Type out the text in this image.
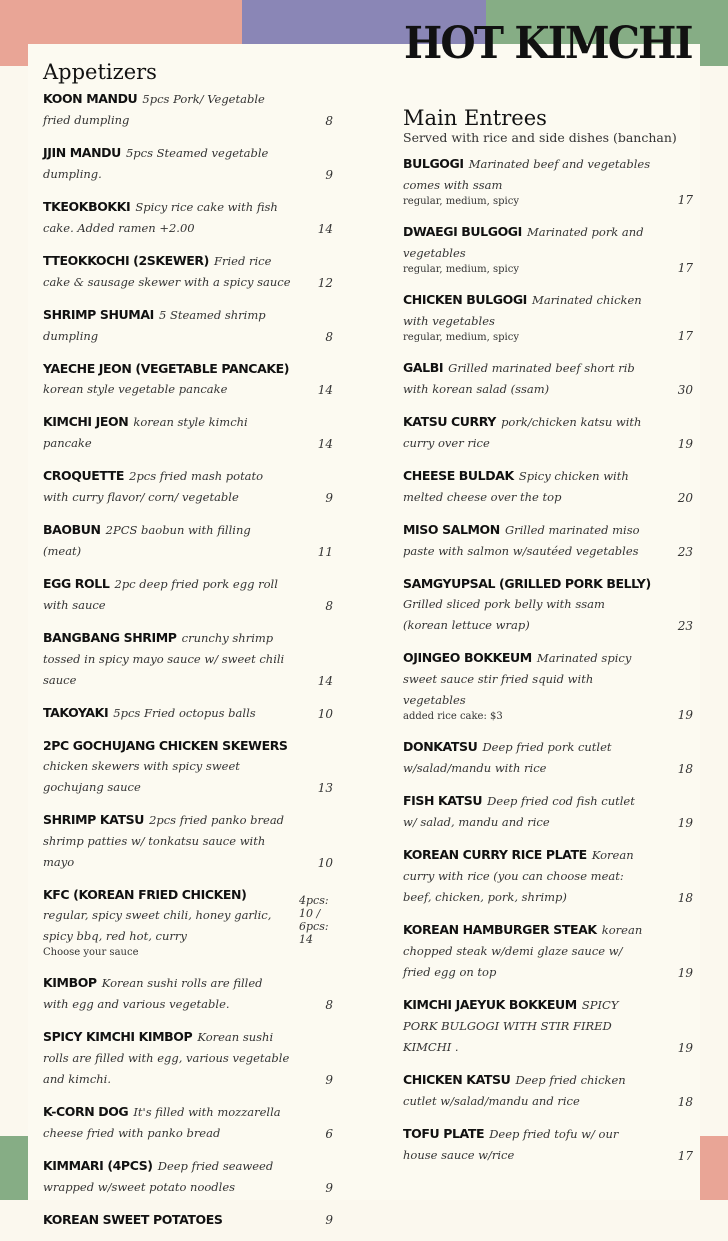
HOT KIMCHI
Appetizers
KOON MANDU 5pcs Pork/ Vegetable fried dumpling	8
JJIN MANDU 5pcs Steamed vegetable dumpling.	9
TKEOKBOKKI Spicy rice cake with fish cake. Added ramen +2.00	14
TTEOKKOCHI (2SKEWER) Fried rice cake & sausage skewer with a spicy sauce 12
SHRIMP SHUMAI 5 Steamed shrimp dumpling	8
YAECHE JEON (VEGETABLE PANCAKE) korean style vegetable pancake	14
KIMCHI JEON korean style kimchi pancake	14
CROQUETTE 2pcs fried mash potato with curry flavor/ corn/ vegetable	9
BAOBUN 2PCS baobun with filling (meat)	11
EGG ROLL 2pc deep fried pork egg roll with sauce	8
BANGBANG SHRIMP crunchy shrimp tossed in spicy mayo sauce w/ sweet chili sauce	14
TAKOYAKI 5pcs Fried octopus balls	10
2PC GOCHUJANG CHICKEN SKEWERS chicken skewers with spicy sweet gochujang sauce	13
SHRIMP KATSU 2pcs fried panko bread shrimp patties w/ tonkatsu sauce with mayo	10
KFC (KOREAN FRIED CHICKEN) regular, spicy sweet chili, honey garlic, spicy bbq, red hot, curry
Choose your sauce
4pcs: 10 / 6pcs: 14
KIMBOP Korean sushi rolls are filled with egg and various vegetable.	8
SPICY KIMCHI KIMBOP Korean sushi rolls are filled with egg, various vegetable and kimchi.	9
K-CORN DOG It's filled with mozzarella cheese fried with panko bread	6
KIMMARI (4PCS) Deep fried seaweed wrapped w/sweet potato noodles	9
KOREAN SWEET POTATOES	9
Main Entrees
Served with rice and side dishes (banchan)
BULGOGI Marinated beef and vegetables comes with ssam
regular, medium, spicy	17
DWAEGI BULGOGI Marinated pork and vegetables
regular, medium, spicy	17
CHICKEN BULGOGI Marinated chicken with vegetables
regular, medium, spicy	17
GALBI Grilled marinated beef short rib with korean salad (ssam)	30
KATSU CURRY pork/chicken katsu with curry over rice	19
CHEESE BULDAK Spicy chicken with melted cheese over the top	20
MISO SALMON Grilled marinated miso paste with salmon w/sautéed vegetables	23
SAMGYUPSAL (GRILLED PORK BELLY) Grilled sliced pork belly with ssam (korean lettuce wrap)	23
OJINGEO BOKKEUM Marinated spicy sweet sauce stir fried squid with vegetables
added rice cake: $3	19
DONKATSU Deep fried pork cutlet w/salad/mandu with rice	18
FISH KATSU Deep fried cod fish cutlet w/ salad, mandu and rice	19
KOREAN CURRY RICE PLATE Korean curry with rice (you can choose meat: beef, chicken, pork, shrimp)	18
KOREAN HAMBURGER STEAK korean chopped steak w/demi glaze sauce w/ fried egg on top	19
KIMCHI JAEYUK BOKKEUM SPICY PORK BULGOGI WITH STIR FIRED KIMCHI .	19
CHICKEN KATSU Deep fried chicken cutlet w/salad/mandu and rice	18
TOFU PLATE Deep fried tofu w/ our house sauce w/rice	17
